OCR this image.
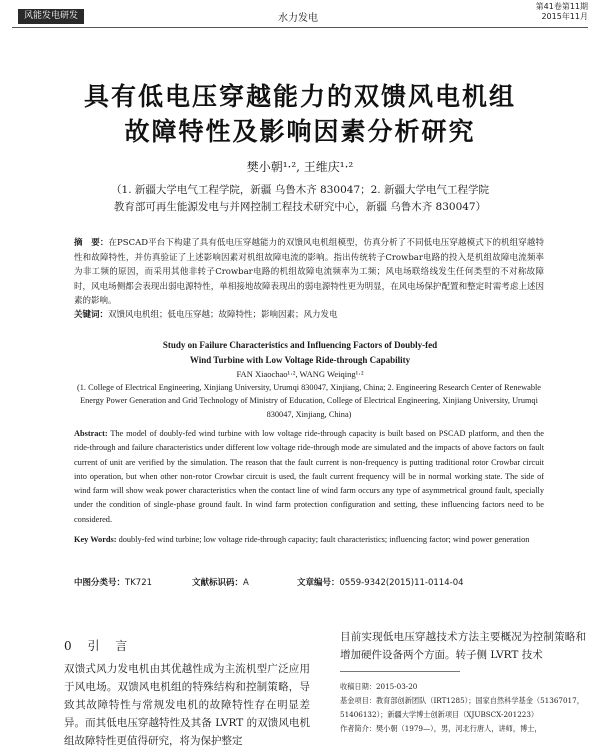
风能发电研发	水力发电
第41卷第11期
2015年11月
具有低电压穿越能力的双馈风电机组
故障特性及影响因素分析研究
樊小朝¹·², 王维庆¹·²
（1. 新疆大学电气工程学院，新疆 乌鲁木齐 830047；2. 新疆大学电气工程学院
教育部可再生能源发电与并网控制工程技术研究中心，新疆 乌鲁木齐 830047）
摘　要：在PSCAD平台下构建了具有低电压穿越能力的双馈风电机组模型，仿真分析了不同低电压穿越模式下的机组穿越特性和故障特性，并仿真验证了上述影响因素对机组故障电流的影响。指出传统转子Crowbar电路的投入是机组故障电流频率为非工频的原因，而采用其他非转子Crowbar电路的机组故障电流频率为工频；风电场联络线发生任何类型的不对称故障时，风电场侧都会表现出弱电源特性，单相接地故障表现出的弱电源特性更为明显，在风电场保护配置和整定时需考虑上述因素的影响。
关键词：双馈风电机组；低电压穿越；故障特性；影响因素；风力发电
Study on Failure Characteristics and Influencing Factors of Doubly-fed
Wind Turbine with Low Voltage Ride-through Capability
FAN Xiaochao¹·², WANG Weiqing¹·²
(1. College of Electrical Engineering, Xinjiang University, Urumqi 830047, Xinjiang, China; 2. Engineering Research Center of Renewable Energy Power Generation and Grid Technology of Ministry of Education, College of Electrical Engineering, Xinjiang University, Urumqi 830047, Xinjiang, China)
Abstract: The model of doubly-fed wind turbine with low voltage ride-through capacity is built based on PSCAD platform, and then the ride-through and failure characteristics under different low voltage ride-through mode are simulated and the impacts of above factors on fault current of unit are verified by the simulation. The reason that the fault current is non-frequency is putting traditional rotor Crowbar circuit into operation, but when other non-rotor Crowbar circuit is used, the fault current frequency will be in normal working state. The side of wind farm will show weak power characteristics when the contact line of wind farm occurs any type of asymmetrical ground fault, specially under the condition of single-phase ground fault. In wind farm protection configuration and setting, these influencing factors need to be considered.
Key Words: doubly-fed wind turbine; low voltage ride-through capacity; fault characteristics; influencing factor; wind power generation
中图分类号：TK721	文献标识码：A	文章编号：0559-9342(2015)11-0114-04
0 引 言
双馈式风力发电机由其优越性成为主流机型广泛应用于风电场。双馈风电机组的特殊结构和控制策略，导致其故障特性与常规发电机的故障特性存在明显差异。而其低电压穿越特性及其备 LVRT 的双馈风电机组故障特性更值得研究，将为保护整定
目前实现低电压穿越技术方法主要概况为控制策略和增加硬件设备两个方面。转子侧 LVRT 技术
收稿日期：2015-03-20
基金项目：教育部创新团队（IRT1285）；国家自然科学基金（51367017，51406132）；新疆大学博士创新项目（XJUBSCX-201223）
作者简介：樊小朝（1979—），男，河北行唐人，讲师，博士，
